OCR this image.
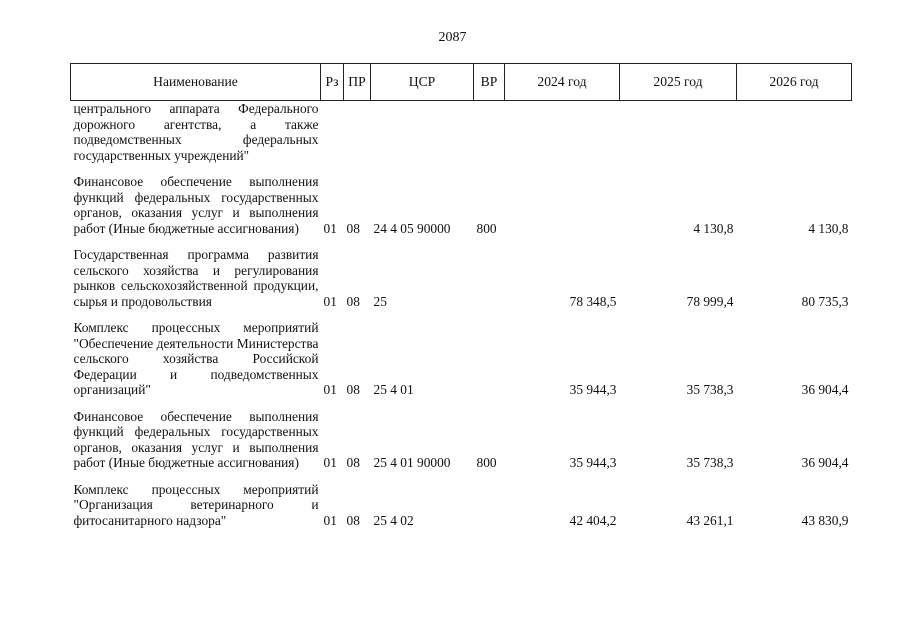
2087
Наименование	Рз	ПР	ЦСР	ВР	2024 год	2025 год	2026 год
центрального аппарата Федерального дорожного агентства, а также подведомственных федеральных государственных учреждений"							
Финансовое обеспечение выполнения функций федеральных государственных органов, оказания услуг и выполнения работ (Иные бюджетные ассигнования)	01	08	24 4 05 90000	800		4 130,8	4 130,8
Государственная программа развития сельского хозяйства и регулирования рынков сельскохозяйственной продукции, сырья и продовольствия	01	08	25		78 348,5	78 999,4	80 735,3
Комплекс процессных мероприятий "Обеспечение деятельности Министерства сельского хозяйства Российской Федерации и подведомственных организаций"	01	08	25 4 01		35 944,3	35 738,3	36 904,4
Финансовое обеспечение выполнения функций федеральных государственных органов, оказания услуг и выполнения работ (Иные бюджетные ассигнования)	01	08	25 4 01 90000	800	35 944,3	35 738,3	36 904,4
Комплекс процессных мероприятий "Организация ветеринарного и фитосанитарного надзора"	01	08	25 4 02		42 404,2	43 261,1	43 830,9
